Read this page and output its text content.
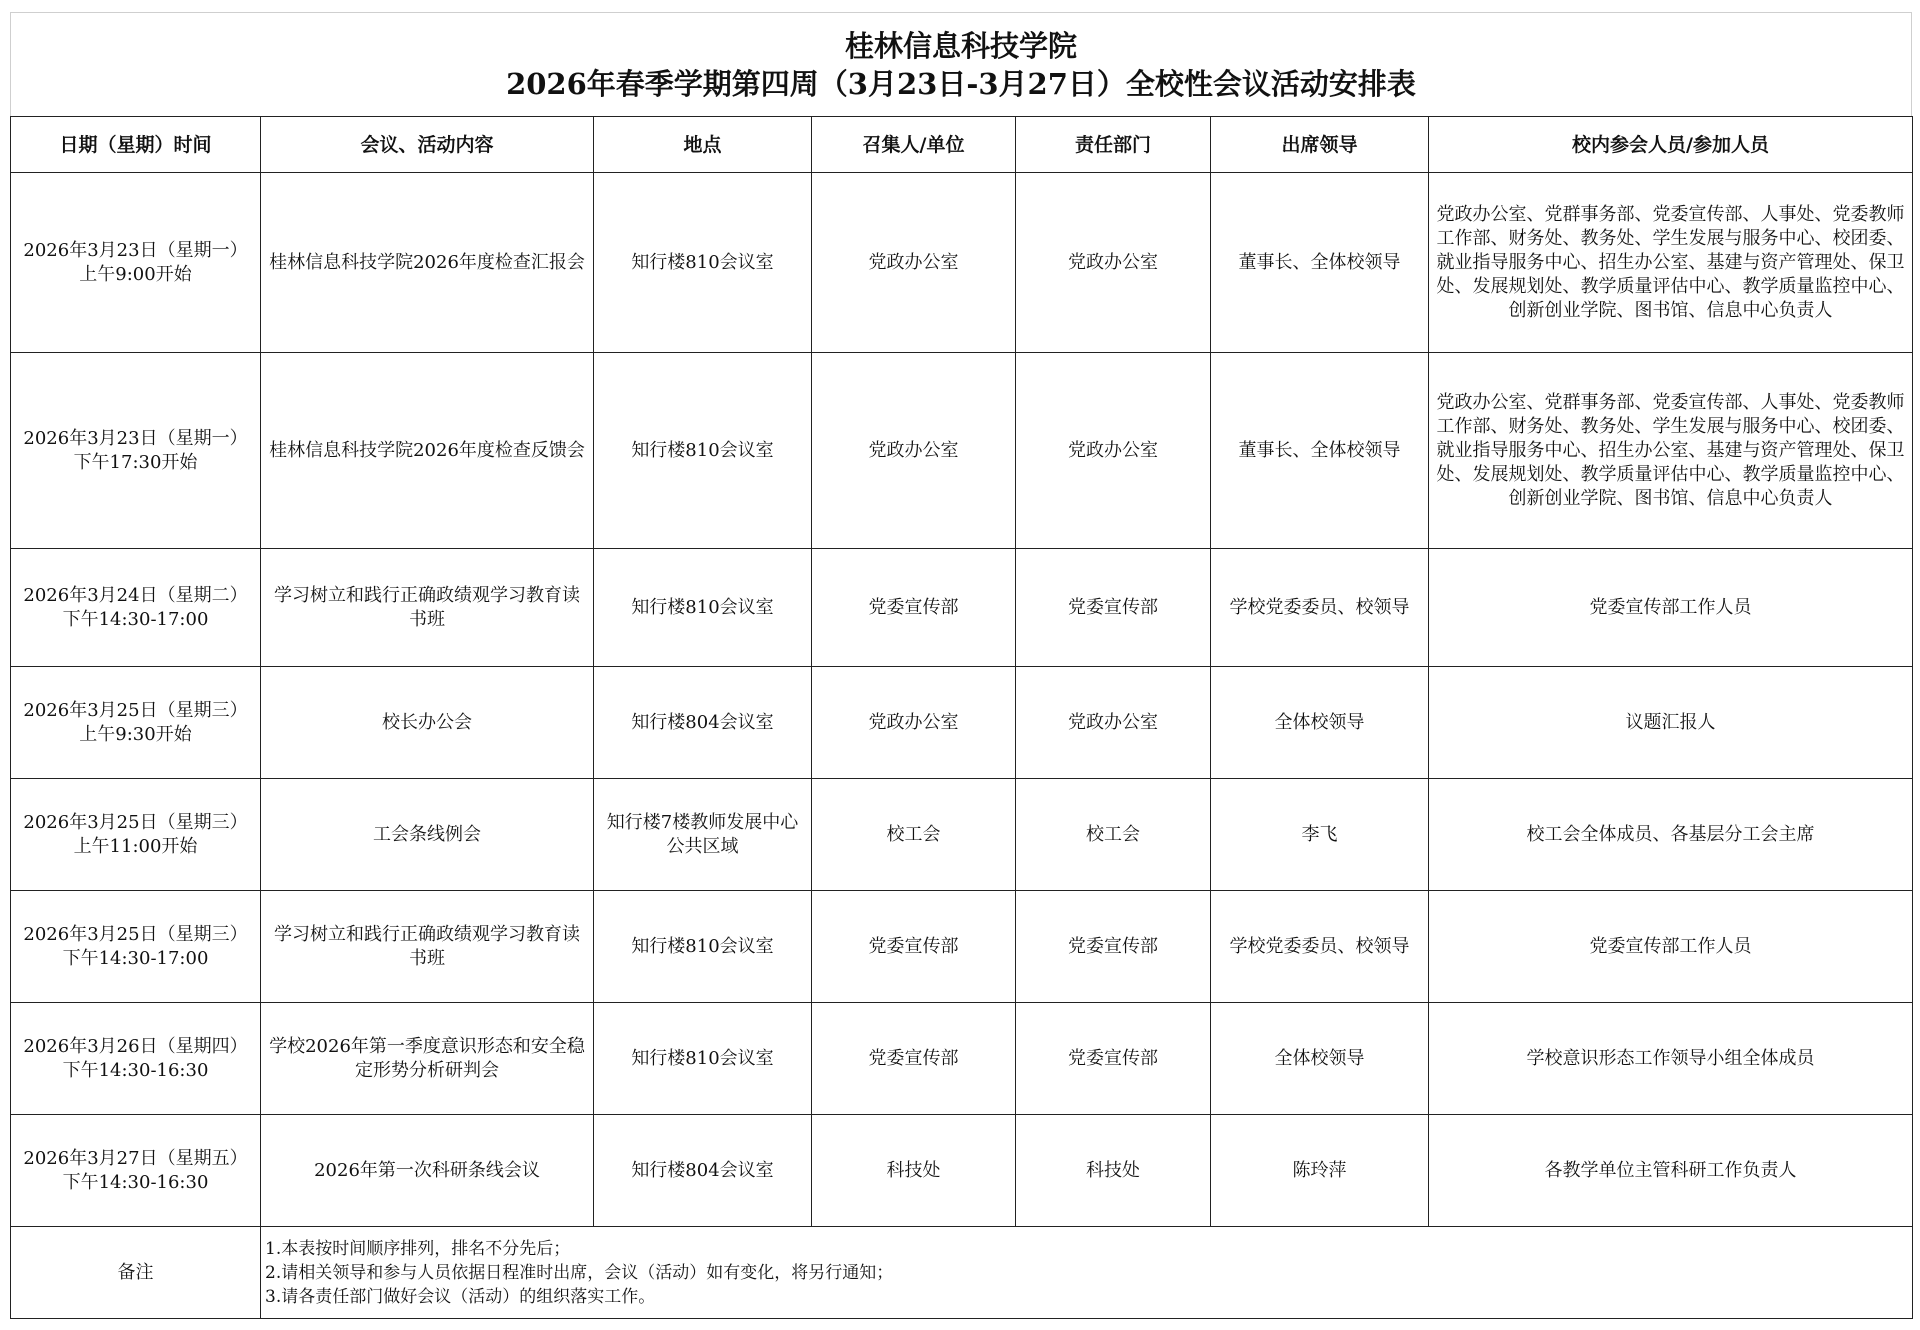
桂林信息科技学院
2026年春季学期第四周（3月23日-3月27日）全校性会议活动安排表
日期（星期）时间	会议、活动内容	地点	召集人/单位	责任部门	出席领导	校内参会人员/参加人员

2026年3月23日（星期一）
上午9:00开始	桂林信息科技学院2026年度检查汇报会	知行楼810会议室	党政办公室	党政办公室	董事长、全体校领导	党政办公室、党群事务部、党委宣传部、人事处、党委教师工作部、财务处、教务处、学生发展与服务中心、校团委、就业指导服务中心、招生办公室、基建与资产管理处、保卫处、发展规划处、教学质量评估中心、教学质量监控中心、创新创业学院、图书馆、信息中心负责人

2026年3月23日（星期一）
下午17:30开始	桂林信息科技学院2026年度检查反馈会	知行楼810会议室	党政办公室	党政办公室	董事长、全体校领导	党政办公室、党群事务部、党委宣传部、人事处、党委教师工作部、财务处、教务处、学生发展与服务中心、校团委、就业指导服务中心、招生办公室、基建与资产管理处、保卫处、发展规划处、教学质量评估中心、教学质量监控中心、创新创业学院、图书馆、信息中心负责人

2026年3月24日（星期二）
下午14:30-17:00	学习树立和践行正确政绩观学习教育读书班	知行楼810会议室	党委宣传部	党委宣传部	学校党委委员、校领导	党委宣传部工作人员

2026年3月25日（星期三）
上午9:30开始	校长办公会	知行楼804会议室	党政办公室	党政办公室	全体校领导	议题汇报人

2026年3月25日（星期三）
上午11:00开始	工会条线例会	知行楼7楼教师发展中心公共区域	校工会	校工会	李飞	校工会全体成员、各基层分工会主席

2026年3月25日（星期三）
下午14:30-17:00	学习树立和践行正确政绩观学习教育读书班	知行楼810会议室	党委宣传部	党委宣传部	学校党委委员、校领导	党委宣传部工作人员

2026年3月26日（星期四）
下午14:30-16:30	学校2026年第一季度意识形态和安全稳定形势分析研判会	知行楼810会议室	党委宣传部	党委宣传部	全体校领导	学校意识形态工作领导小组全体成员

2026年3月27日（星期五）
下午14:30-16:30	2026年第一次科研条线会议	知行楼804会议室	科技处	科技处	陈玲萍	各教学单位主管科研工作负责人
备注	1.本表按时间顺序排列，排名不分先后；
2.请相关领导和参与人员依据日程准时出席，会议（活动）如有变化，将另行通知；
3.请各责任部门做好会议（活动）的组织落实工作。					
